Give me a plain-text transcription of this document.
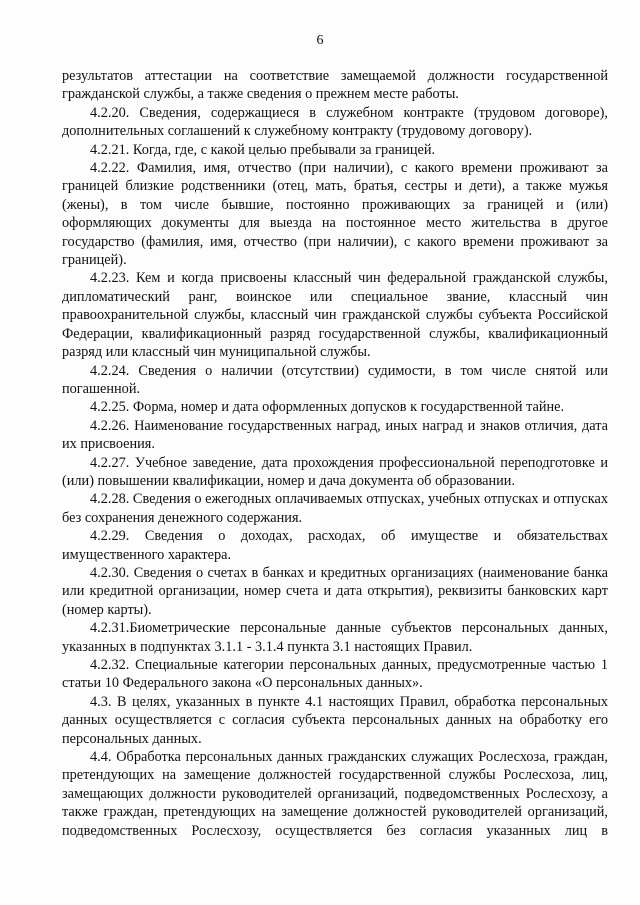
6

результатов аттестации на соответствие замещаемой должности государственной гражданской службы, а также сведения о прежнем месте работы.

4.2.20. Сведения, содержащиеся в служебном контракте (трудовом договоре), дополнительных соглашений к служебному контракту (трудовому договору).

4.2.21. Когда, где, с какой целью пребывали за границей.

4.2.22. Фамилия, имя, отчество (при наличии), с какого времени проживают за границей близкие родственники (отец, мать, братья, сестры и дети), а также мужья (жены), в том числе бывшие, постоянно проживающих за границей и (или) оформляющих документы для выезда на постоянное место жительства в другое государство (фамилия, имя, отчество (при наличии), с какого времени проживают за границей).

4.2.23. Кем и когда присвоены классный чин федеральной гражданской службы, дипломатический ранг, воинское или специальное звание, классный чин правоохранительной службы, классный чин гражданской службы субъекта Российской Федерации, квалификационный разряд государственной службы, квалификационный разряд или классный чин муниципальной службы.

4.2.24. Сведения о наличии (отсутствии) судимости, в том числе снятой или погашенной.

4.2.25. Форма, номер и дата оформленных допусков к государственной тайне.

4.2.26. Наименование государственных наград, иных наград и знаков отличия, дата их присвоения.

4.2.27. Учебное заведение, дата прохождения профессиональной переподготовке и (или) повышении квалификации, номер и дача документа об образовании.

4.2.28. Сведения о ежегодных оплачиваемых отпусках, учебных отпусках и отпусках без сохранения денежного содержания.

4.2.29. Сведения о доходах, расходах, об имуществе и обязательствах имущественного характера.

4.2.30. Сведения о счетах в банках и кредитных организациях (наименование банка или кредитной организации, номер счета и дата открытия), реквизиты банковских карт (номер карты).

4.2.31.Биометрические персональные данные субъектов персональных данных, указанных в подпунктах 3.1.1 - 3.1.4 пункта 3.1 настоящих Правил.

4.2.32. Специальные категории персональных данных, предусмотренные частью 1 статьи 10 Федерального закона «О персональных данных».

4.3. В целях, указанных в пункте 4.1 настоящих Правил, обработка персональных данных осуществляется с согласия субъекта персональных данных на обработку его персональных данных.

4.4. Обработка персональных данных гражданских служащих Рослесхоза, граждан, претендующих на замещение должностей государственной службы Рослесхоза, лиц, замещающих должности руководителей организаций, подведомственных Рослесхозу, а также граждан, претендующих на замещение должностей руководителей организаций, подведомственных Рослесхозу, осуществляется без согласия указанных лиц в
